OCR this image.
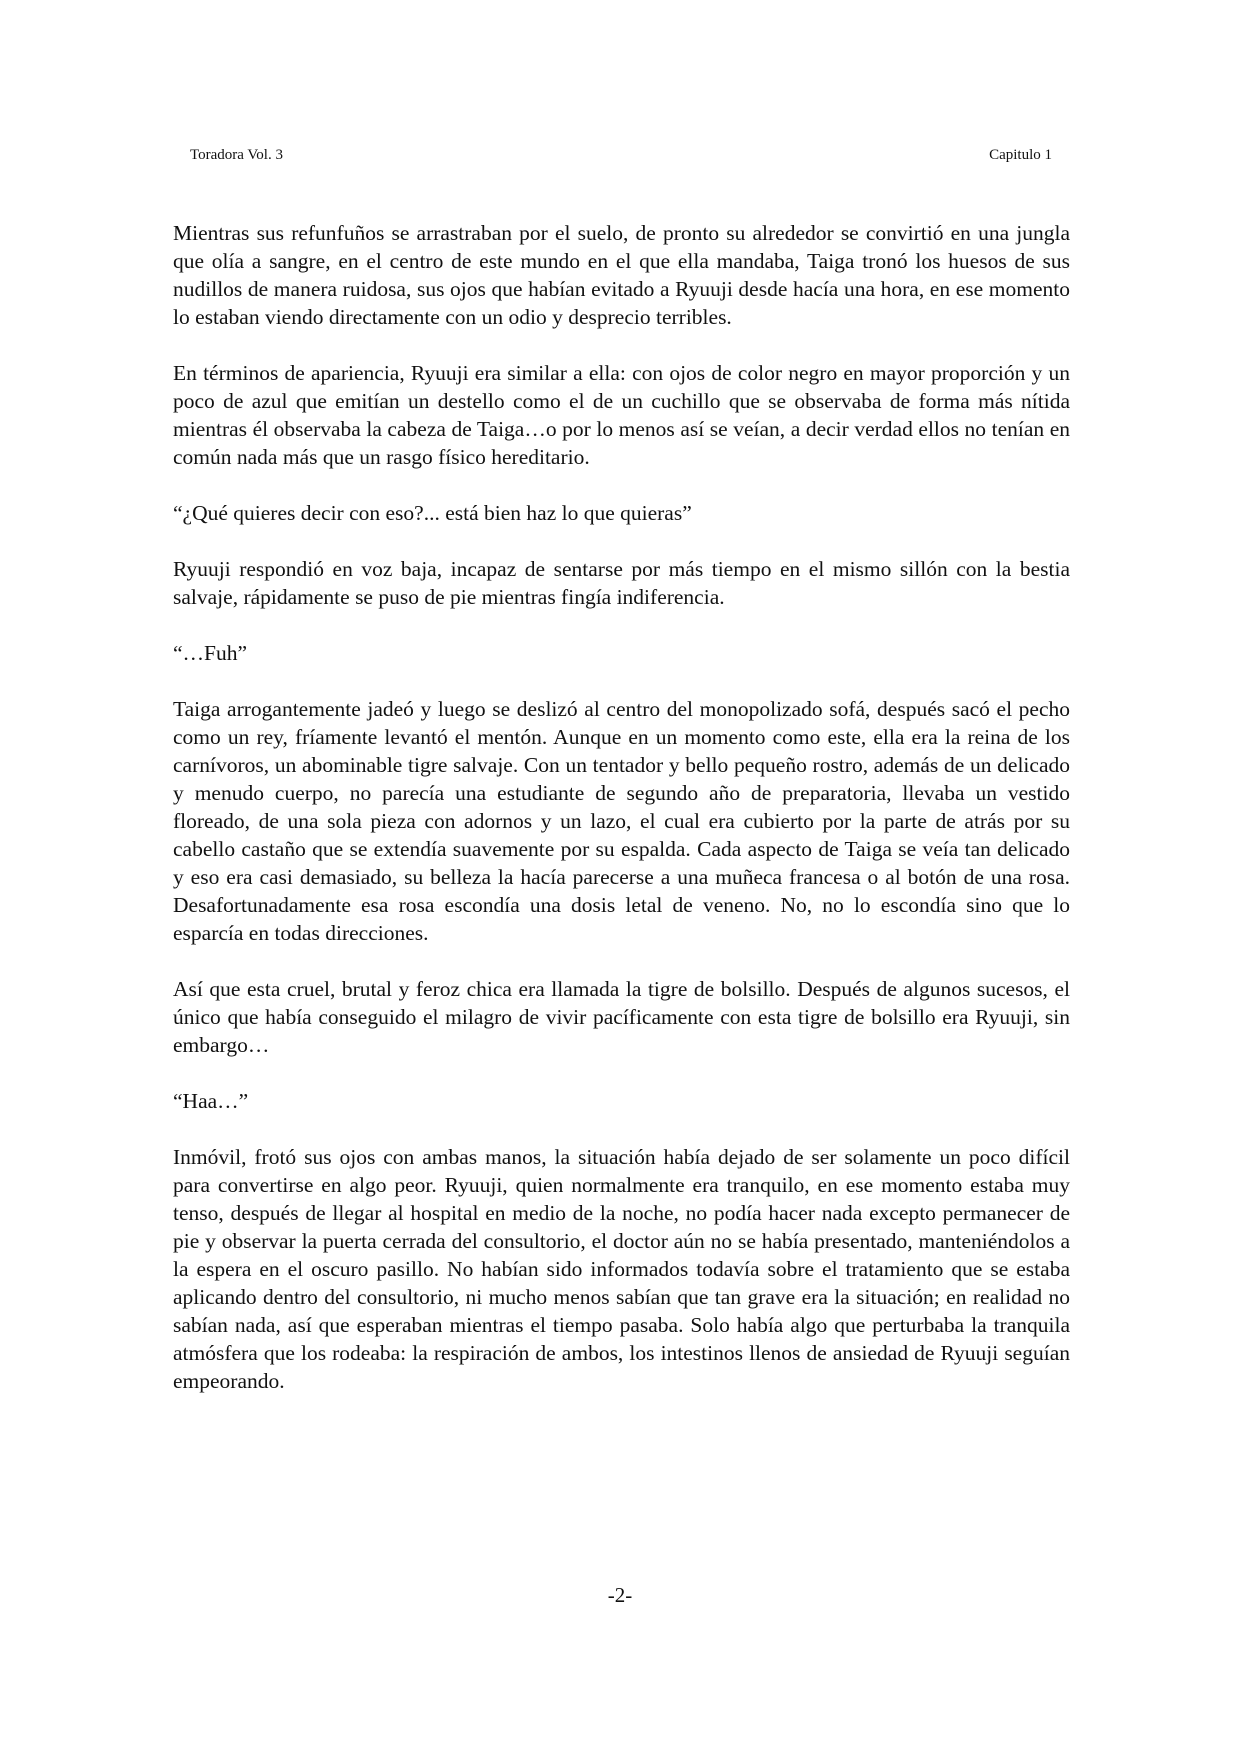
Toradora Vol. 3	Capitulo 1

Mientras sus refunfuños se arrastraban por el suelo, de pronto su alrededor se convirtió en una jungla que olía a sangre, en el centro de este mundo en el que ella mandaba, Taiga tronó los huesos de sus nudillos de manera ruidosa, sus ojos que habían evitado a Ryuuji desde hacía una hora, en ese momento lo estaban viendo directamente con un odio y desprecio terribles.

En términos de apariencia, Ryuuji era similar a ella: con ojos de color negro en mayor proporción y un poco de azul que emitían un destello como el de un cuchillo que se observaba de forma más nítida mientras él observaba la cabeza de Taiga…o por lo menos así se veían, a decir verdad ellos no tenían en común nada más que un rasgo físico hereditario.

“¿Qué quieres decir con eso?... está bien haz lo que quieras”

Ryuuji respondió en voz baja, incapaz de sentarse por más tiempo en el mismo sillón con la bestia salvaje, rápidamente se puso de pie mientras fingía indiferencia.

“…Fuh”

Taiga arrogantemente jadeó y luego se deslizó al centro del monopolizado sofá, después sacó el pecho como un rey, fríamente levantó el mentón. Aunque en un momento como este, ella era la reina de los carnívoros, un abominable tigre salvaje. Con un tentador y bello pequeño rostro, además de un delicado y menudo cuerpo, no parecía una estudiante de segundo año de preparatoria, llevaba un vestido floreado, de una sola pieza con adornos y un lazo, el cual era cubierto por la parte de atrás por su cabello castaño que se extendía suavemente por su espalda. Cada aspecto de Taiga se veía tan delicado y eso era casi demasiado, su belleza la hacía parecerse a una muñeca francesa o al botón de una rosa. Desafortunadamente esa rosa escondía una dosis letal de veneno. No, no lo escondía sino que lo esparcía en todas direcciones.

Así que esta cruel, brutal y feroz chica era llamada la tigre de bolsillo. Después de algunos sucesos, el único que había conseguido el milagro de vivir pacíficamente con esta tigre de bolsillo era Ryuuji, sin embargo…

“Haa…”

Inmóvil, frotó sus ojos con ambas manos, la situación había dejado de ser solamente un poco difícil para convertirse en algo peor. Ryuuji, quien normalmente era tranquilo, en ese momento estaba muy tenso, después de llegar al hospital en medio de la noche, no podía hacer nada excepto permanecer de pie y observar la puerta cerrada del consultorio, el doctor aún no se había presentado, manteniéndolos a la espera en el oscuro pasillo. No habían sido informados todavía sobre el tratamiento que se estaba aplicando dentro del consultorio, ni mucho menos sabían que tan grave era la situación; en realidad no sabían nada, así que esperaban mientras el tiempo pasaba. Solo había algo que perturbaba la tranquila atmósfera que los rodeaba: la respiración de ambos, los intestinos llenos de ansiedad de Ryuuji seguían empeorando.

-2-
